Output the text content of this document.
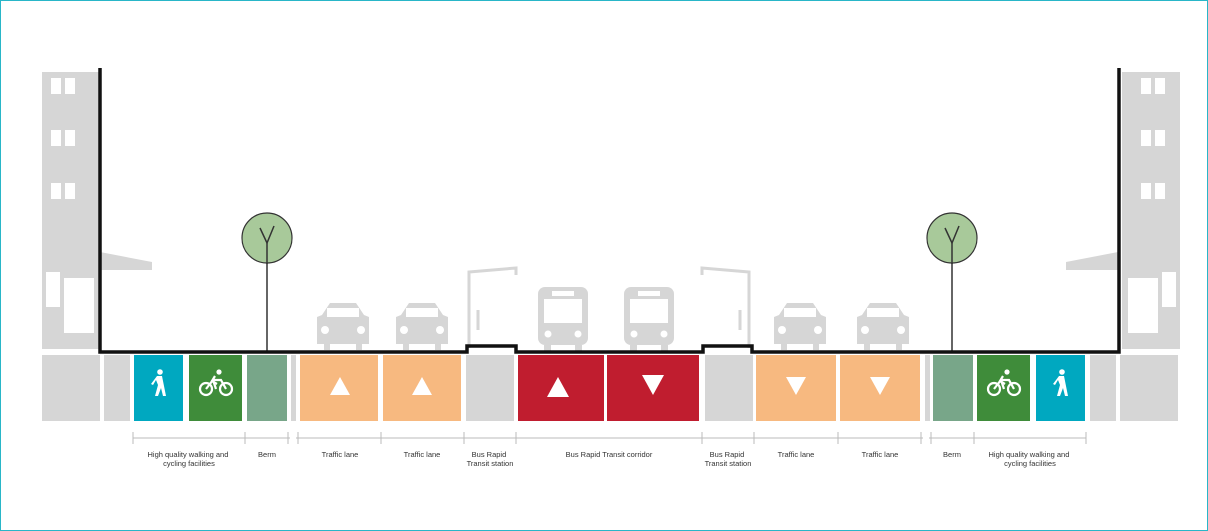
High quality walking and cycling facilities
Berm	Traffic lane	Traffic lane	Bus Rapid Transit station
Bus Rapid Transit corridor	Bus Rapid Transit station
Traffic lane	Traffic lane	Berm	High quality walking and cycling facilities
